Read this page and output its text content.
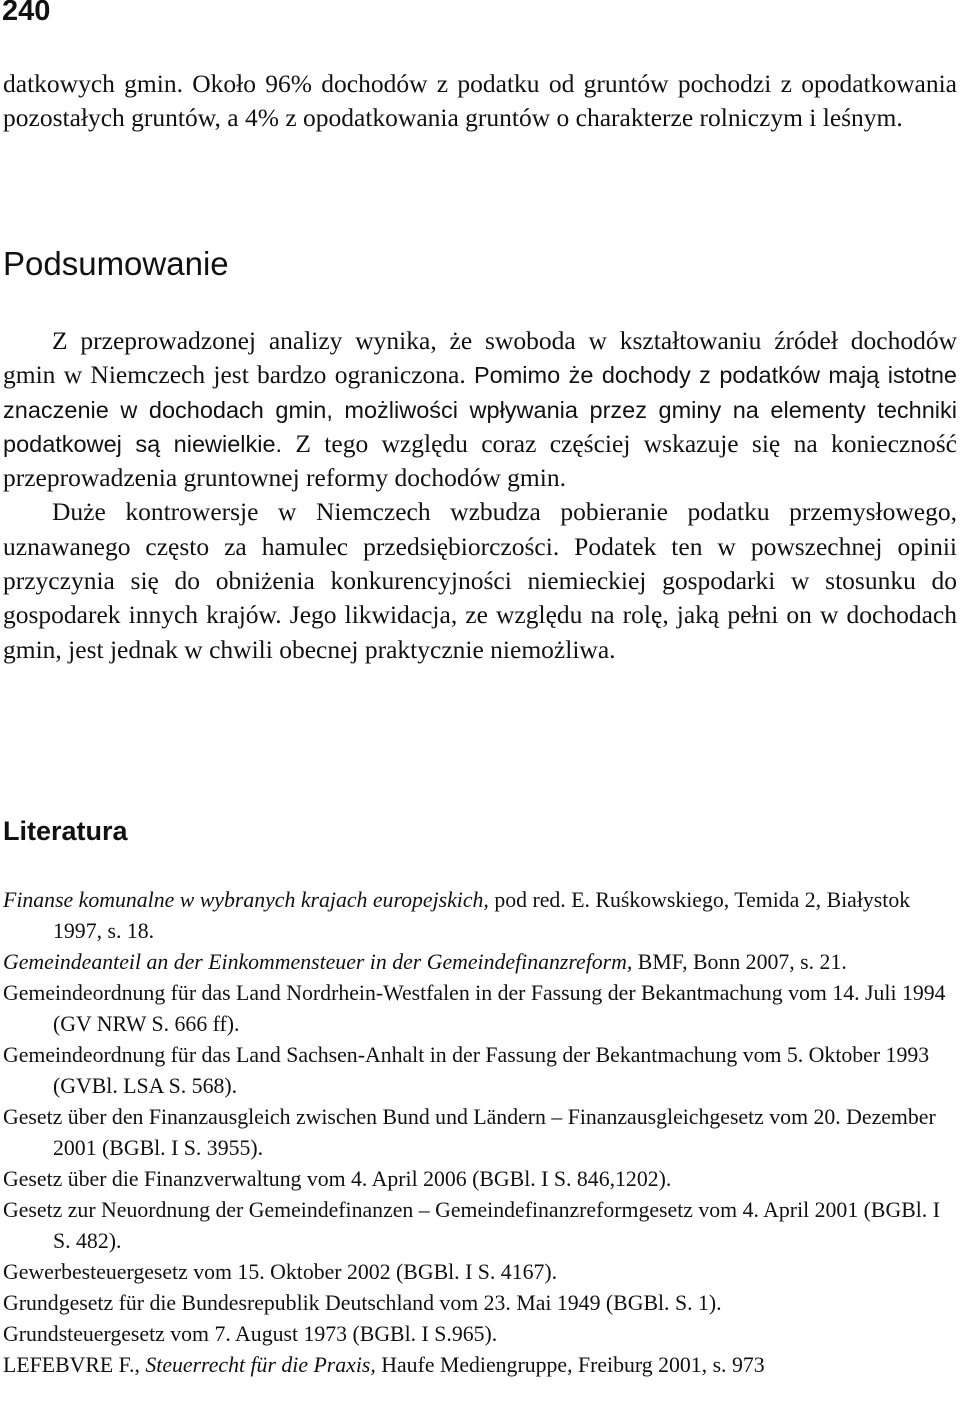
240

datkowych gmin. Około 96% dochodów z podatku od gruntów pochodzi z opodatkowania pozostałych gruntów, a 4% z opodatkowania gruntów o charakterze rolniczym i leśnym.

Podsumowanie

Z przeprowadzonej analizy wynika, że swoboda w kształtowaniu źródeł dochodów gmin w Niemczech jest bardzo ograniczona. Pomimo że dochody z podatków mają istotne znaczenie w dochodach gmin, możliwości wpływania przez gminy na elementy techniki podatkowej są niewielkie. Z tego względu coraz częściej wskazuje się na konieczność przeprowadzenia gruntownej reformy dochodów gmin.

Duże kontrowersje w Niemczech wzbudza pobieranie podatku przemysłowego, uznawanego często za hamulec przedsiębiorczości. Podatek ten w powszechnej opinii przyczynia się do obniżenia konkurencyjności niemieckiej gospodarki w stosunku do gospodarek innych krajów. Jego likwidacja, ze względu na rolę, jaką pełni on w dochodach gmin, jest jednak w chwili obecnej praktycznie niemożliwa.

Literatura
Finanse komunalne w wybranych krajach europejskich, pod red. E. Ruśkowskiego, Temida 2, Białystok 1997, s. 18.
Gemeindeanteil an der Einkommensteuer in der Gemeindefinanzreform, BMF, Bonn 2007, s. 21.
Gemeindeordnung für das Land Nordrhein-Westfalen in der Fassung der Bekantmachung vom 14. Juli 1994 (GV NRW S. 666 ff).
Gemeindeordnung für das Land Sachsen-Anhalt in der Fassung der Bekantmachung vom 5. Oktober 1993 (GVBl. LSA S. 568).
Gesetz über den Finanzausgleich zwischen Bund und Ländern – Finanzausgleichgesetz vom 20. Dezember 2001 (BGBl. I S. 3955).
Gesetz über die Finanzverwaltung vom 4. April 2006 (BGBl. I S. 846,1202).
Gesetz zur Neuordnung der Gemeindefinanzen – Gemeindefinanzreformgesetz vom 4. April 2001 (BGBl. I S. 482).
Gewerbesteuergesetz vom 15. Oktober 2002 (BGBl. I S. 4167).
Grundgesetz für die Bundesrepublik Deutschland vom 23. Mai 1949 (BGBl. S. 1).
Grundsteuergesetz vom 7. August 1973 (BGBl. I S.965).
LEFEBVRE F., Steuerrecht für die Praxis, Haufe Mediengruppe, Freiburg 2001, s. 973
